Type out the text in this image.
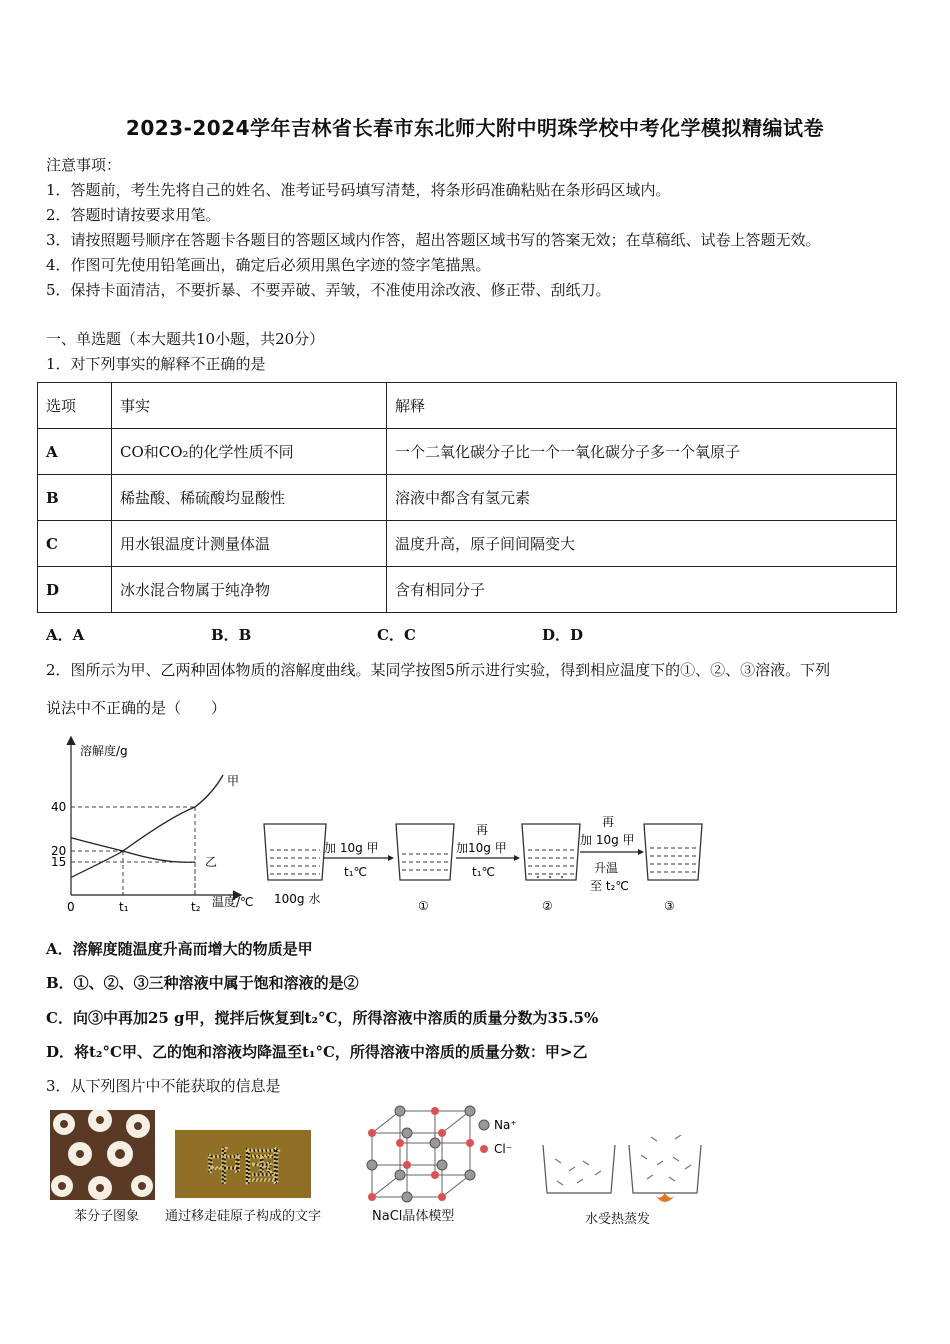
2023-2024学年吉林省长春市东北师大附中明珠学校中考化学模拟精编试卷
注意事项：
1．答题前，考生先将自己的姓名、准考证号码填写清楚，将条形码准确粘贴在条形码区域内。
2．答题时请按要求用笔。
3．请按照题号顺序在答题卡各题目的答题区域内作答，超出答题区域书写的答案无效；在草稿纸、试卷上答题无效。
4．作图可先使用铅笔画出，确定后必须用黑色字迹的签字笔描黑。
5．保持卡面清洁，不要折暴、不要弄破、弄皱，不准使用涂改液、修正带、刮纸刀。
一、单选题（本大题共10小题，共20分）
1．对下列事实的解释不正确的是
选项	事实	解释
A	CO和CO₂的化学性质不同	一个二氧化碳分子比一个一氧化碳分子多一个氧原子
B	稀盐酸、稀硫酸均显酸性	溶液中都含有氢元素
C	用水银温度计测量体温	温度升高，原子间间隔变大
D	冰水混合物属于纯净物	含有相同分子
A．A	B．B	C．C	D．D
2．图所示为甲、乙两种固体物质的溶解度曲线。某同学按图5所示进行实验，得到相应温度下的①、②、③溶液。下列
说法中不正确的是（　　）
溶解度/g
温度/℃
15
20
40
0	t₁	t₂
甲
乙
100g 水
加 10g 甲
t₁℃
①
再
加10g 甲
t₁℃
②
再
加 10g 甲
升温
至 t₂℃
③
A．溶解度随温度升高而增大的物质是甲
B．①、②、③三种溶液中属于饱和溶液的是②
C．向③中再加25 g甲，搅拌后恢复到t₂°C，所得溶液中溶质的质量分数为35.5%
D．将t₂°C甲、乙的饱和溶液均降温至t₁°C，所得溶液中溶质的质量分数：甲>乙
3．从下列图片中不能获取的信息是
苯分子图象
中国
通过移走硅原子构成的文字
Na⁺
Cl⁻
NaCl晶体模型	水受热蒸发
